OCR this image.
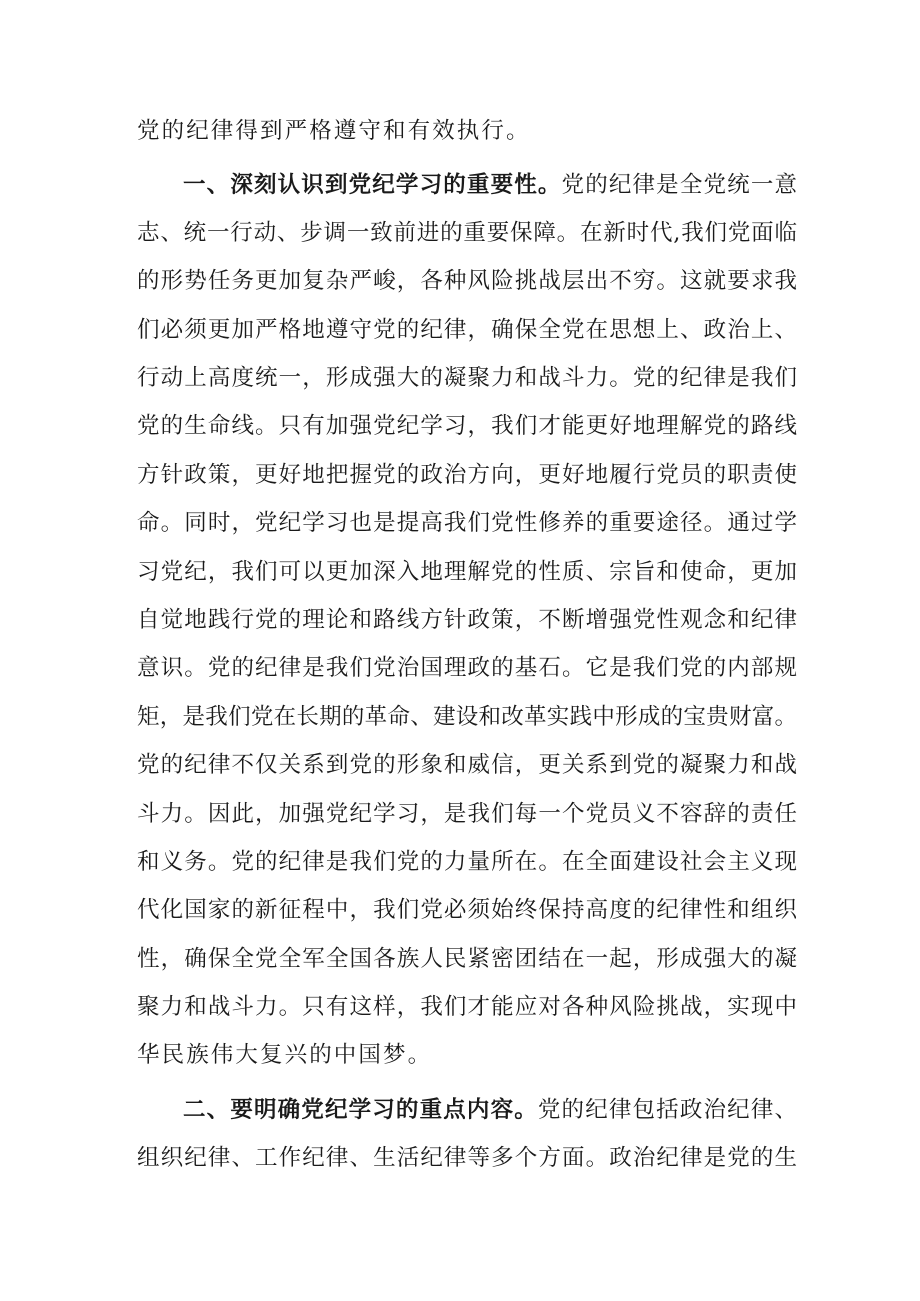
党的纪律得到严格遵守和有效执行。
一、深刻认识到党纪学习的重要性。党的纪律是全党统一意
志、统一行动、步调一致前进的重要保障。在新时代,我们党面临
的形势任务更加复杂严峻，各种风险挑战层出不穷。这就要求我
们必须更加严格地遵守党的纪律，确保全党在思想上、政治上、
行动上高度统一，形成强大的凝聚力和战斗力。党的纪律是我们
党的生命线。只有加强党纪学习，我们才能更好地理解党的路线
方针政策，更好地把握党的政治方向，更好地履行党员的职责使
命。同时，党纪学习也是提高我们党性修养的重要途径。通过学
习党纪，我们可以更加深入地理解党的性质、宗旨和使命，更加
自觉地践行党的理论和路线方针政策，不断增强党性观念和纪律
意识。党的纪律是我们党治国理政的基石。它是我们党的内部规
矩，是我们党在长期的革命、建设和改革实践中形成的宝贵财富。
党的纪律不仅关系到党的形象和威信，更关系到党的凝聚力和战
斗力。因此，加强党纪学习，是我们每一个党员义不容辞的责任
和义务。党的纪律是我们党的力量所在。在全面建设社会主义现
代化国家的新征程中，我们党必须始终保持高度的纪律性和组织
性，确保全党全军全国各族人民紧密团结在一起，形成强大的凝
聚力和战斗力。只有这样，我们才能应对各种风险挑战，实现中
华民族伟大复兴的中国梦。
二、要明确党纪学习的重点内容。党的纪律包括政治纪律、
组织纪律、工作纪律、生活纪律等多个方面。政治纪律是党的生
